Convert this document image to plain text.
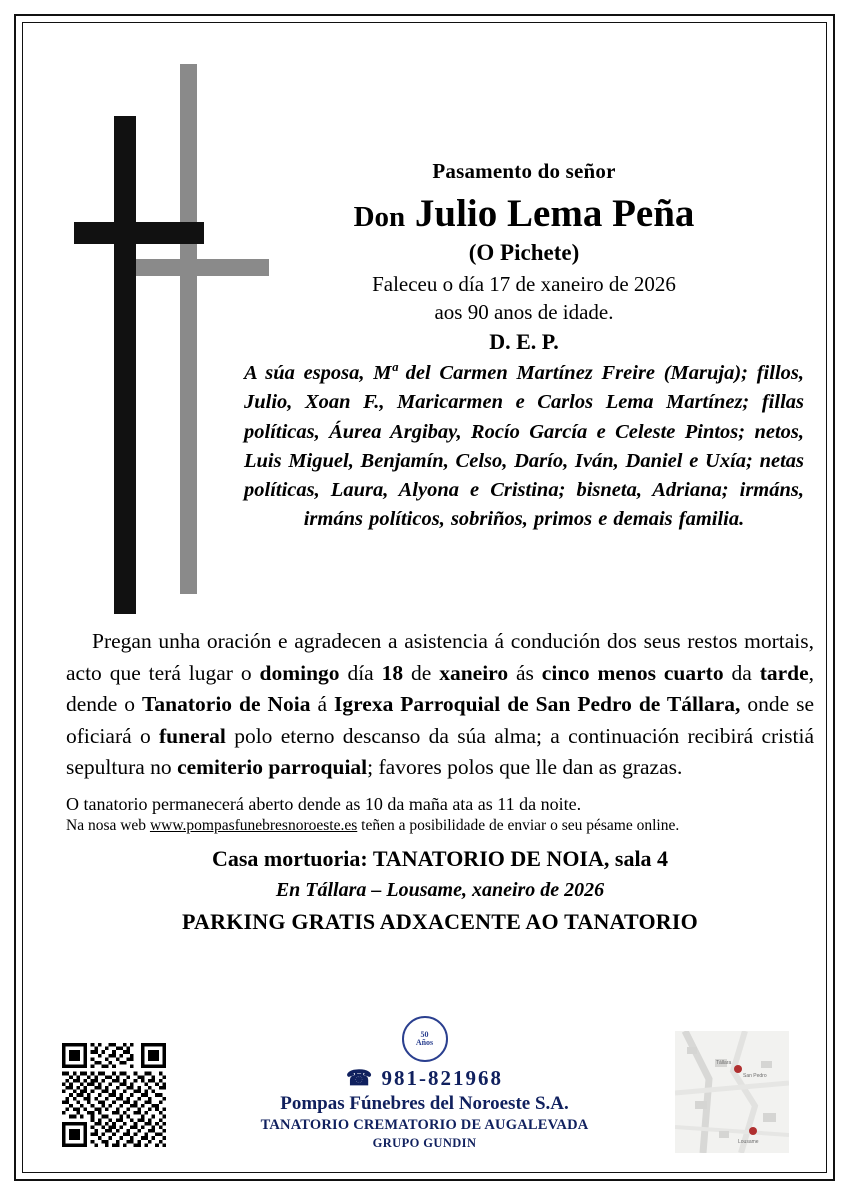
Pasamento do señor
Don Julio Lema Peña
(O Pichete)
Faleceu o día 17 de xaneiro de 2026
aos 90 anos de idade.
D. E. P.
A súa esposa, Mª del Carmen Martínez Freire (Maruja); fillos, Julio, Xoan F., Maricarmen e Carlos Lema Martínez; fillas políticas, Áurea Argibay, Rocío García e Celeste Pintos; netos, Luis Miguel, Benjamín, Celso, Darío, Iván, Daniel e Uxía; netas políticas, Laura, Alyona e Cristina; bisneta, Adriana; irmáns, irmáns políticos, sobriños, primos e demais familia.
Pregan unha oración e agradecen a asistencia á condución dos seus restos mortais, acto que terá lugar o domingo día 18 de xaneiro ás cinco menos cuarto da tarde, dende o Tanatorio de Noia á Igrexa Parroquial de San Pedro de Tállara, onde se oficiará o funeral polo eterno descanso da súa alma; a continuación recibirá cristiá sepultura no cemiterio parroquial; favores polos que lle dan as grazas.
O tanatorio permanecerá aberto dende as 10 da maña ata as 11 da noite.
Na nosa web www.pompasfunebresnoroeste.es teñen a posibilidade de enviar o seu pésame online.
Casa mortuoria: TANATORIO DE NOIA, sala 4
En Tállara – Lousame, xaneiro de 2026
PARKING GRATIS ADXACENTE AO TANATORIO
50
Años
☎ 981-821968
Pompas Fúnebres del Noroeste S.A.
TANATORIO CREMATORIO DE AUGALEVADA
GRUPO GUNDIN
Tállara
San Pedro
Lousame
